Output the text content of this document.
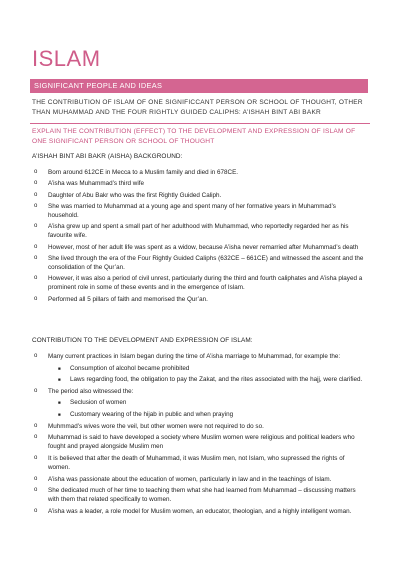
ISLAM
SIGNIFICANT PEOPLE AND IDEAS
THE CONTRIBUTION OF ISLAM OF ONE SIGNIFICCANT PERSON OR SCHOOL OF THOUGHT, OTHER THAN MUHAMMAD AND THE FOUR RIGHTLY GUIDED CALIPHS: A’ISHAH BINT ABI BAKR
EXPLAIN THE CONTRIBUTION (EFFECT) TO THE DEVELOPMENT AND EXPRESSION OF ISLAM OF ONE SIGNIFICANT PERSON OR SCHOOL OF THOUGHT
A’ISHAH BINT ABI BAKR (AISHA) BACKGROUND:
o Born around 612CE in Mecca to a Muslim family and died in 678CE.
o A’isha was Muhammad’s third wife
o Daughter of Abu Bakr who was the first Rightly Guided Caliph.
o She was married to Muhammad at a young age and spent many of her formative years in Muhammad’s household.
o A’isha grew up and spent a small part of her adulthood with Muhammad, who reportedly regarded her as his favourite wife.
o However, most of her adult life was spent as a widow, because A’isha never remarried after Muhammad’s death
o She lived through the era of the Four Rightly Guided Caliphs (632CE – 661CE) and witnessed the ascent and the consolidation of the Qur’an.
o However, it was also a period of civil unrest, particularly during the third and fourth caliphates and A’isha played a prominent role in some of these events and in the emergence of Islam.
o Performed all 5 pillars of faith and memorised the Qur’an.
CONTRIBUTION TO THE DEVELOPMENT AND EXPRESSION OF ISLAM:
o Many current practices in Islam began during the time of A’isha marriage to Muhammad, for example the:
■ Consumption of alcohol became prohibited
■ Laws regarding food, the obligation to pay the Zakat, and the rites associated with the hajj, were clarified.
o The period also witnessed the:
■ Seclusion of women
■ Customary wearing of the hijab in public and when praying
o Muhmmad’s wives wore the veil, but other women were not required to do so.
o Muhammad is said to have developed a society where Muslim women were religious and political leaders who fought and prayed alongside Muslim men
o It is believed that after the death of Muhammad, it was Muslim men, not Islam, who supressed the rights of women.
o A’isha was passionate about the education of women, particularly in law and in the teachings of Islam.
o She dedicated much of her time to teaching them what she had learned from Muhammad – discussing matters with them that related specifically to women.
o A’isha was a leader, a role model for Muslim women, an educator, theologian, and a highly intelligent woman.
